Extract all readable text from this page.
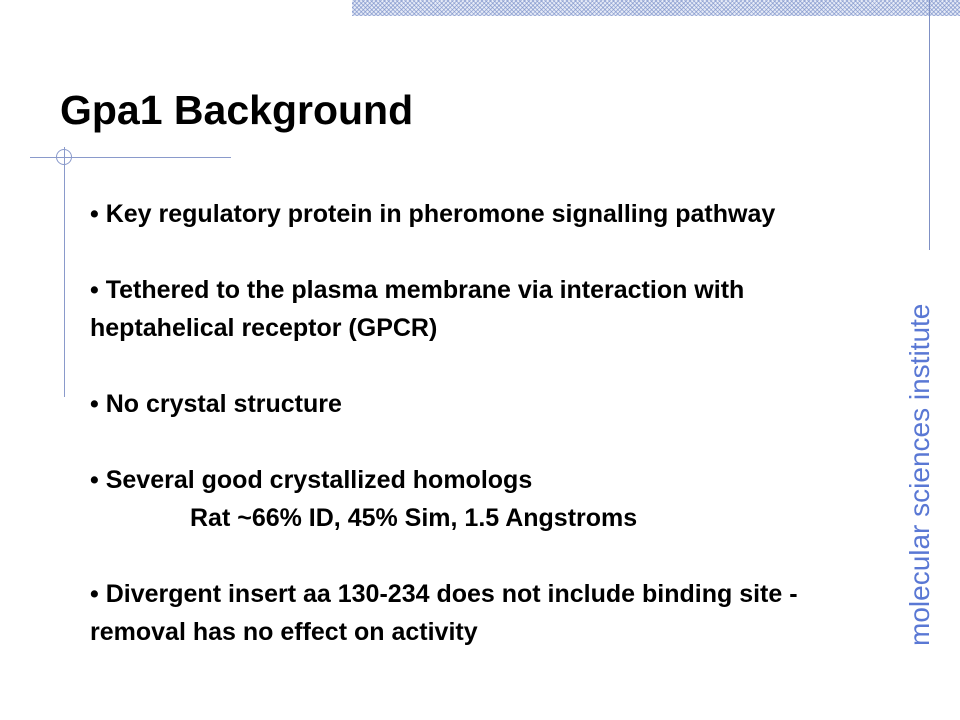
Gpa1 Background
molecular sciences institute
• Key regulatory protein in pheromone signalling pathway
• Tethered to the plasma membrane via interaction with heptahelical receptor (GPCR)
• No crystal structure
• Several good crystallized homologs
Rat ~66% ID, 45% Sim, 1.5 Angstroms
• Divergent insert aa 130-234 does not include binding site - removal has no effect on activity
